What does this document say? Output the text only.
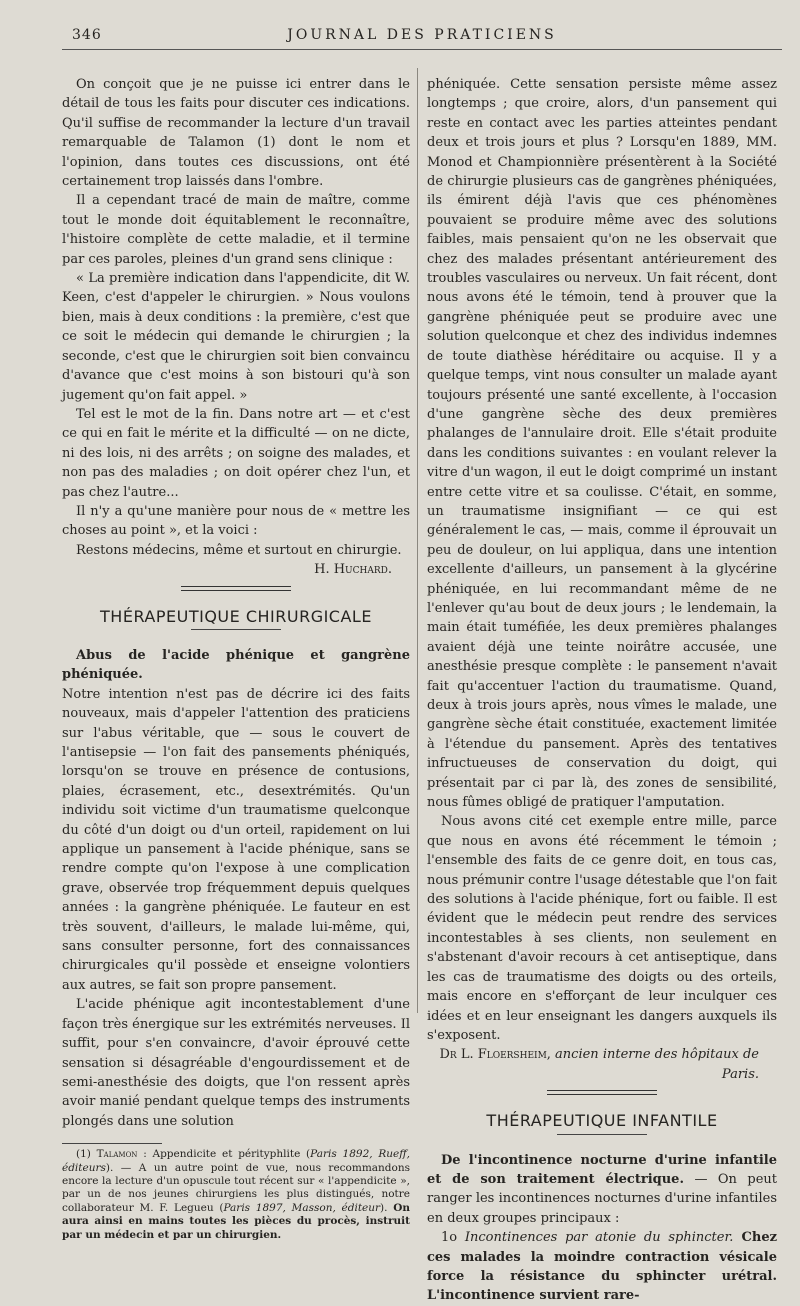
346	JOURNAL DES PRATICIENS

On conçoit que je ne puisse ici entrer dans le détail de tous les faits pour discuter ces indications. Qu'il suffise de recommander la lecture d'un travail remarquable de Talamon (1) dont le nom et l'opinion, dans toutes ces discussions, ont été certainement trop laissés dans l'ombre.

Il a cependant tracé de main de maître, comme tout le monde doit équitablement le reconnaître, l'histoire complète de cette maladie, et il termine par ces paroles, pleines d'un grand sens clinique :

« La première indication dans l'appendicite, dit W. Keen, c'est d'appeler le chirurgien. » Nous voulons bien, mais à deux conditions : la première, c'est que ce soit le médecin qui demande le chirurgien ; la seconde, c'est que le chirurgien soit bien convaincu d'avance que c'est moins à son bistouri qu'à son jugement qu'on fait appel. »

Tel est le mot de la fin. Dans notre art — et c'est ce qui en fait le mérite et la difficulté — on ne dicte, ni des lois, ni des arrêts ; on soigne des malades, et non pas des maladies ; on doit opérer chez l'un, et pas chez l'autre...

Il n'y a qu'une manière pour nous de « mettre les choses au point », et la voici :

Restons médecins, même et surtout en chirurgie.

H. Huchard.
THÉRAPEUTIQUE CHIRURGICALE

Abus de l'acide phénique et gangrène phéniquée.

Notre intention n'est pas de décrire ici des faits nouveaux, mais d'appeler l'attention des praticiens sur l'abus véritable, que — sous le couvert de l'antisepsie — l'on fait des pansements phéniqués, lorsqu'on se trouve en présence de contusions, plaies, écrasement, etc., desextrémités. Qu'un individu soit victime d'un traumatisme quelconque du côté d'un doigt ou d'un orteil, rapidement on lui applique un pansement à l'acide phénique, sans se rendre compte qu'on l'expose à une complication grave, observée trop fréquemment depuis quelques années : la gangrène phéniquée. Le fauteur en est très souvent, d'ailleurs, le malade lui-même, qui, sans consulter personne, fort des connaissances chirurgicales qu'il possède et enseigne volontiers aux autres, se fait son propre pansement.

L'acide phénique agit incontestablement d'une façon très énergique sur les extrémités nerveuses. Il suffit, pour s'en convaincre, d'avoir éprouvé cette sensation si désagréable d'engourdissement et de semi-anesthésie des doigts, que l'on ressent après avoir manié pendant quelque temps des instruments plongés dans une solution

(1) Talamon : Appendicite et pérityphlite (Paris 1892, Rueff, éditeurs). — A un autre point de vue, nous recommandons encore la lecture d'un opuscule tout récent sur « l'appendicite », par un de nos jeunes chirurgiens les plus distingués, notre collaborateur M. F. Legueu (Paris 1897, Masson, éditeur). On aura ainsi en mains toutes les pièces du procès, instruit par un médecin et par un chirurgien.

phéniquée. Cette sensation persiste même assez longtemps ; que croire, alors, d'un pansement qui reste en contact avec les parties atteintes pendant deux et trois jours et plus ? Lorsqu'en 1889, MM. Monod et Championnière présentèrent à la Société de chirurgie plusieurs cas de gangrènes phéniquées, ils émirent déjà l'avis que ces phénomènes pouvaient se produire même avec des solutions faibles, mais pensaient qu'on ne les observait que chez des malades présentant antérieurement des troubles vasculaires ou nerveux. Un fait récent, dont nous avons été le témoin, tend à prouver que la gangrène phéniquée peut se produire avec une solution quelconque et chez des individus indemnes de toute diathèse héréditaire ou acquise. Il y a quelque temps, vint nous consulter un malade ayant toujours présenté une santé excellente, à l'occasion d'une gangrène sèche des deux premières phalanges de l'annulaire droit. Elle s'était produite dans les conditions suivantes : en voulant relever la vitre d'un wagon, il eut le doigt comprimé un instant entre cette vitre et sa coulisse. C'était, en somme, un traumatisme insignifiant — ce qui est généralement le cas, — mais, comme il éprouvait un peu de douleur, on lui appliqua, dans une intention excellente d'ailleurs, un pansement à la glycérine phéniquée, en lui recommandant même de ne l'enlever qu'au bout de deux jours ; le lendemain, la main était tuméfiée, les deux premières phalanges avaient déjà une teinte noirâtre accusée, une anesthésie presque complète : le pansement n'avait fait qu'accentuer l'action du traumatisme. Quand, deux à trois jours après, nous vîmes le malade, une gangrène sèche était constituée, exactement limitée à l'étendue du pansement. Après des tentatives infructueuses de conservation du doigt, qui présentait par ci par là, des zones de sensibilité, nous fûmes obligé de pratiquer l'amputation.

Nous avons cité cet exemple entre mille, parce que nous en avons été récemment le témoin ; l'ensemble des faits de ce genre doit, en tous cas, nous prémunir contre l'usage détestable que l'on fait des solutions à l'acide phénique, fort ou faible. Il est évident que le médecin peut rendre des services incontestables à ses clients, non seulement en s'abstenant d'avoir recours à cet antiseptique, dans les cas de traumatisme des doigts ou des orteils, mais encore en s'efforçant de leur inculquer ces idées et en leur enseignant les dangers auxquels ils s'exposent.

Dr L. Floersheim, ancien interne des hôpitaux de Paris.
THÉRAPEUTIQUE INFANTILE

De l'incontinence nocturne d'urine infantile et de son traitement électrique. — On peut ranger les incontinences nocturnes d'urine infantiles en deux groupes principaux :

1o Incontinences par atonie du sphincter. Chez ces malades la moindre contraction vésicale force la résistance du sphincter urétral. L'incontinence survient rare-
